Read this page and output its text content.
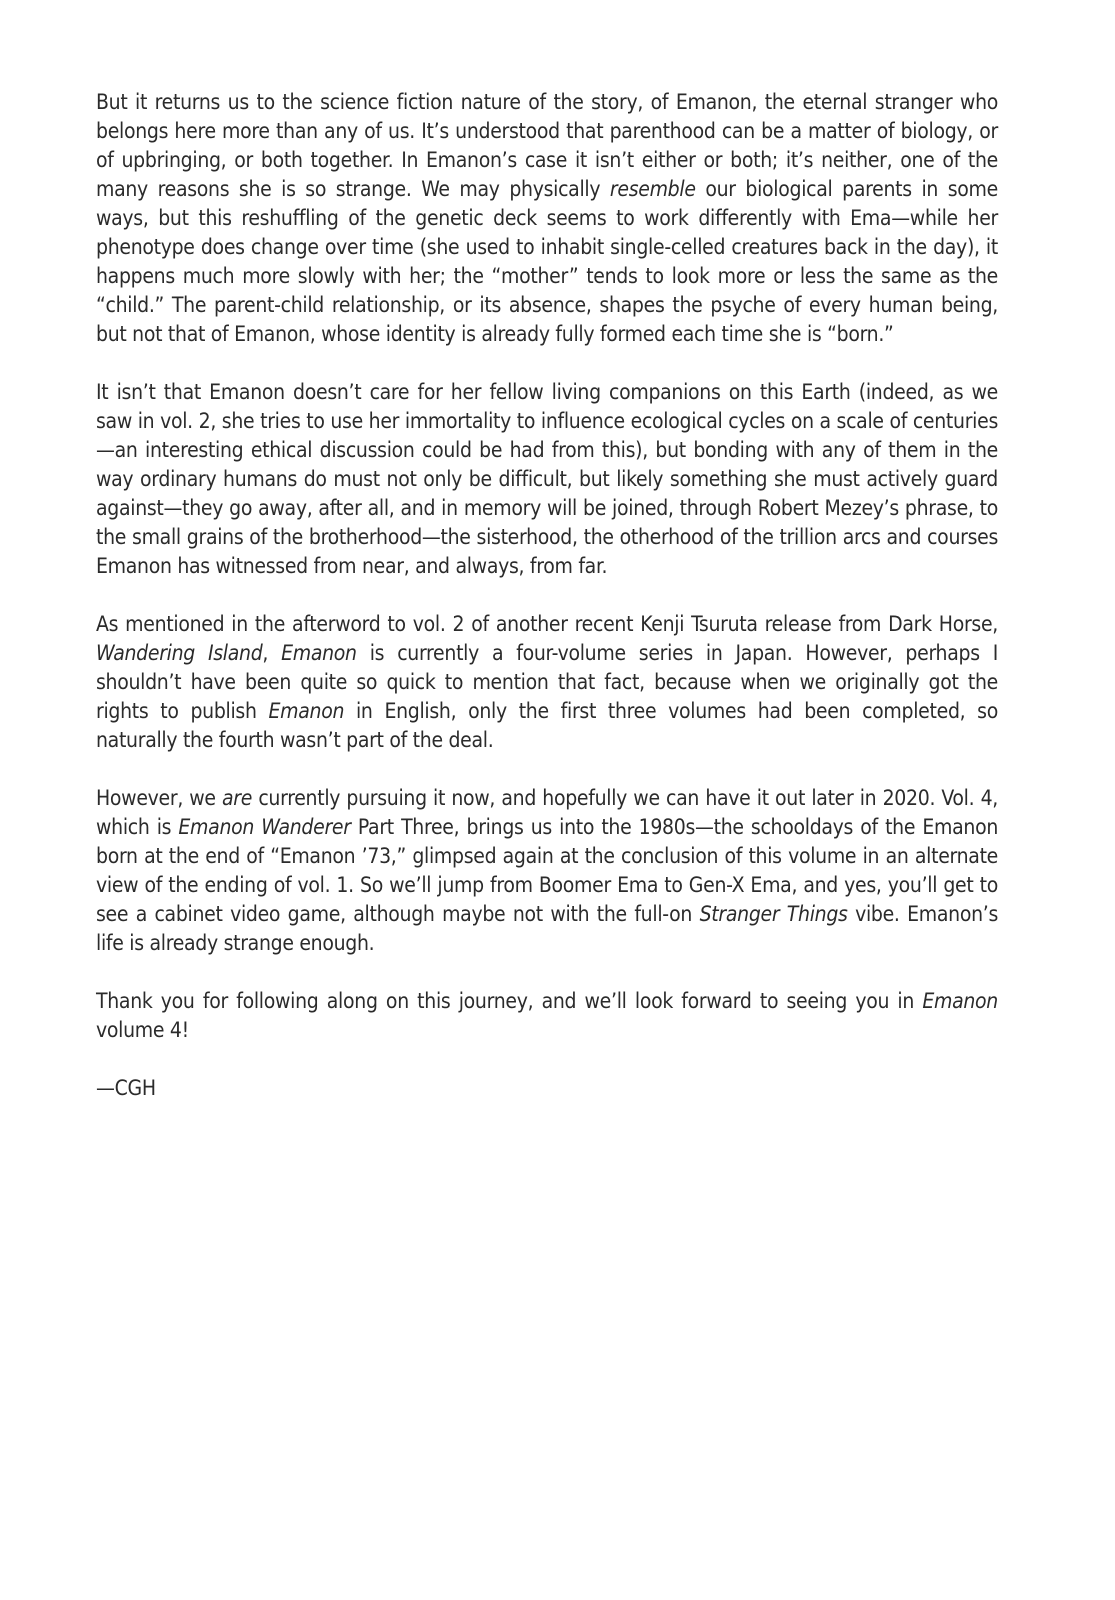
But it returns us to the science fiction nature of the story, of Emanon, the eternal stranger who belongs here more than any of us. It’s understood that parenthood can be a matter of biology, or of upbringing, or both together. In Emanon’s case it isn’t either or both; it’s neither, one of the many reasons she is so strange. We may physically resemble our biological parents in some ways, but this reshuffling of the genetic deck seems to work differently with Ema—while her phenotype does change over time (she used to inhabit single-celled creatures back in the day), it happens much more slowly with her; the “mother” tends to look more or less the same as the “child.” The parent-child relationship, or its absence, shapes the psyche of every human being, but not that of Emanon, whose identity is already fully formed each time she is “born.”

It isn’t that Emanon doesn’t care for her fellow living companions on this Earth (indeed, as we saw in vol. 2, she tries to use her immortality to influence ecological cycles on a scale of centuries—an interesting ethical discussion could be had from this), but bonding with any of them in the way ordinary humans do must not only be difficult, but likely something she must actively guard against—they go away, after all, and in memory will be joined, through Robert Mezey’s phrase, to the small grains of the brotherhood—the sisterhood, the otherhood of the trillion arcs and courses Emanon has witnessed from near, and always, from far.

As mentioned in the afterword to vol. 2 of another recent Kenji Tsuruta release from Dark Horse, Wandering Island, Emanon is currently a four-volume series in Japan. However, perhaps I shouldn’t have been quite so quick to mention that fact, because when we originally got the rights to publish Emanon in English, only the first three volumes had been completed, so naturally the fourth wasn’t part of the deal.

However, we are currently pursuing it now, and hopefully we can have it out later in 2020. Vol. 4, which is Emanon Wanderer Part Three, brings us into the 1980s—the schooldays of the Emanon born at the end of “Emanon ’73,” glimpsed again at the conclusion of this volume in an alternate view of the ending of vol. 1. So we’ll jump from Boomer Ema to Gen-X Ema, and yes, you’ll get to see a cabinet video game, although maybe not with the full-on Stranger Things vibe. Emanon’s life is already strange enough.

Thank you for following along on this journey, and we’ll look forward to seeing you in Emanon volume 4!

—CGH
